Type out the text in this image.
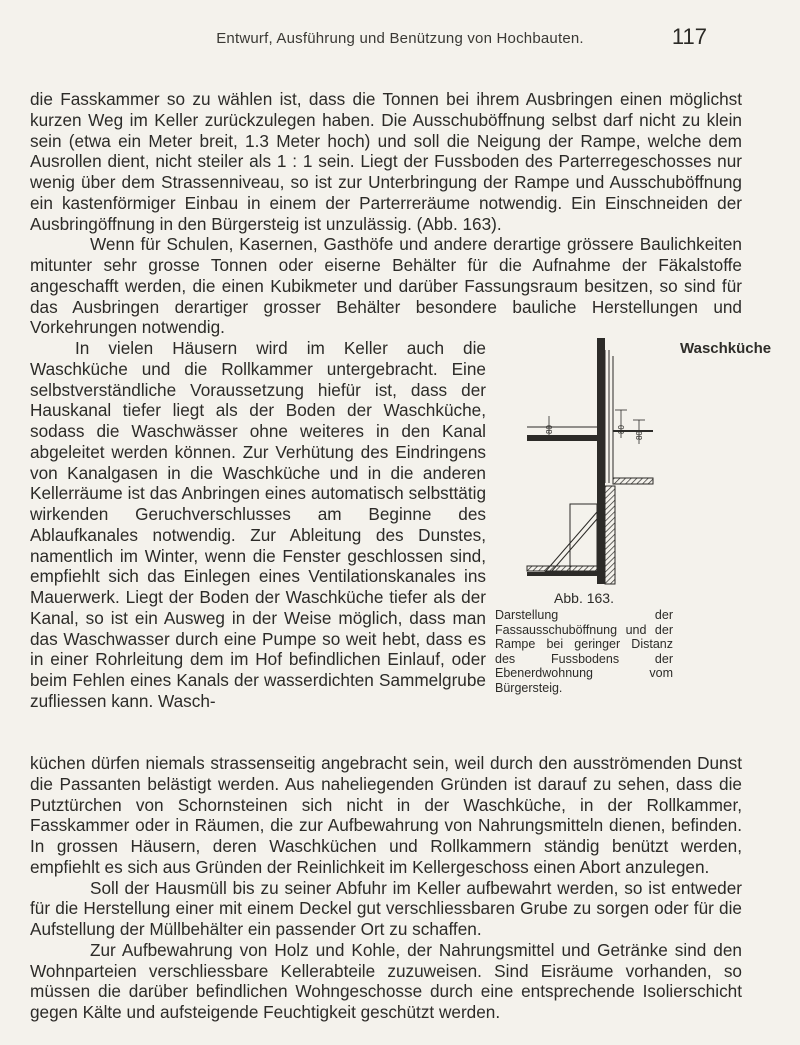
Entwurf, Ausführung und Benützung von Hochbauten.	117

die Fasskammer so zu wählen ist, dass die Tonnen bei ihrem Ausbringen einen möglichst kurzen Weg im Keller zurückzulegen haben. Die Ausschuböffnung selbst darf nicht zu klein sein (etwa ein Meter breit, 1.3 Meter hoch) und soll die Neigung der Rampe, welche dem Ausrollen dient, nicht steiler als 1 : 1 sein. Liegt der Fussboden des Parterregeschosses nur wenig über dem Strassenniveau, so ist zur Unterbringung der Rampe und Ausschuböffnung ein kastenförmiger Einbau in einem der Parterreräume notwendig. Ein Einschneiden der Ausbringöffnung in den Bürgersteig ist unzulässig. (Abb. 163).

Wenn für Schulen, Kasernen, Gasthöfe und andere derartige grössere Baulichkeiten mitunter sehr grosse Tonnen oder eiserne Behälter für die Aufnahme der Fäkalstoffe angeschafft werden, die einen Kubikmeter und darüber Fassungsraum besitzen, so sind für das Ausbringen derartiger grosser Behälter besondere bauliche Herstellungen und Vorkehrungen notwendig.

In vielen Häusern wird im Keller auch die Waschküche und die Rollkammer untergebracht. Eine selbstverständliche Voraussetzung hiefür ist, dass der Hauskanal tiefer liegt als der Boden der Waschküche, sodass die Waschwässer ohne weiteres in den Kanal abgeleitet werden können. Zur Verhütung des Eindringens von Kanalgasen in die Waschküche und in die anderen Kellerräume ist das Anbringen eines automatisch selbsttätig wirkenden Geruchverschlusses am Beginne des Ablaufkanales notwendig. Zur Ableitung des Dunstes, namentlich im Winter, wenn die Fenster geschlossen sind, empfiehlt sich das Einlegen eines Ventilationskanales ins Mauerwerk. Liegt der Boden der Waschküche tiefer als der Kanal, so ist ein Ausweg in der Weise möglich, dass man das Waschwasser durch eine Pumpe so weit hebt, dass es in einer Rohrleitung dem im Hof befindlichen Einlauf, oder beim Fehlen eines Kanals der wasserdichten Sammelgrube zufliessen kann. Wasch-

Waschküche
80	80
80
Abb. 163.
Darstellung der Fassausschuböffnung und der Rampe bei geringer Distanz des Fussbodens der Ebenerdwohnung vom Bürgersteig.

küchen dürfen niemals strassenseitig angebracht sein, weil durch den ausströmenden Dunst die Passanten belästigt werden. Aus naheliegenden Gründen ist darauf zu sehen, dass die Putztürchen von Schornsteinen sich nicht in der Waschküche, in der Rollkammer, Fasskammer oder in Räumen, die zur Aufbewahrung von Nahrungsmitteln dienen, befinden. In grossen Häusern, deren Waschküchen und Rollkammern ständig benützt werden, empfiehlt es sich aus Gründen der Reinlichkeit im Kellergeschoss einen Abort anzulegen.

Soll der Hausmüll bis zu seiner Abfuhr im Keller aufbewahrt werden, so ist entweder für die Herstellung einer mit einem Deckel gut verschliessbaren Grube zu sorgen oder für die Aufstellung der Müllbehälter ein passender Ort zu schaffen.

Zur Aufbewahrung von Holz und Kohle, der Nahrungsmittel und Getränke sind den Wohnparteien verschliessbare Kellerabteile zuzuweisen. Sind Eisräume vorhanden, so müssen die darüber befindlichen Wohngeschosse durch eine entsprechende Isolierschicht gegen Kälte und aufsteigende Feuchtigkeit geschützt werden.
